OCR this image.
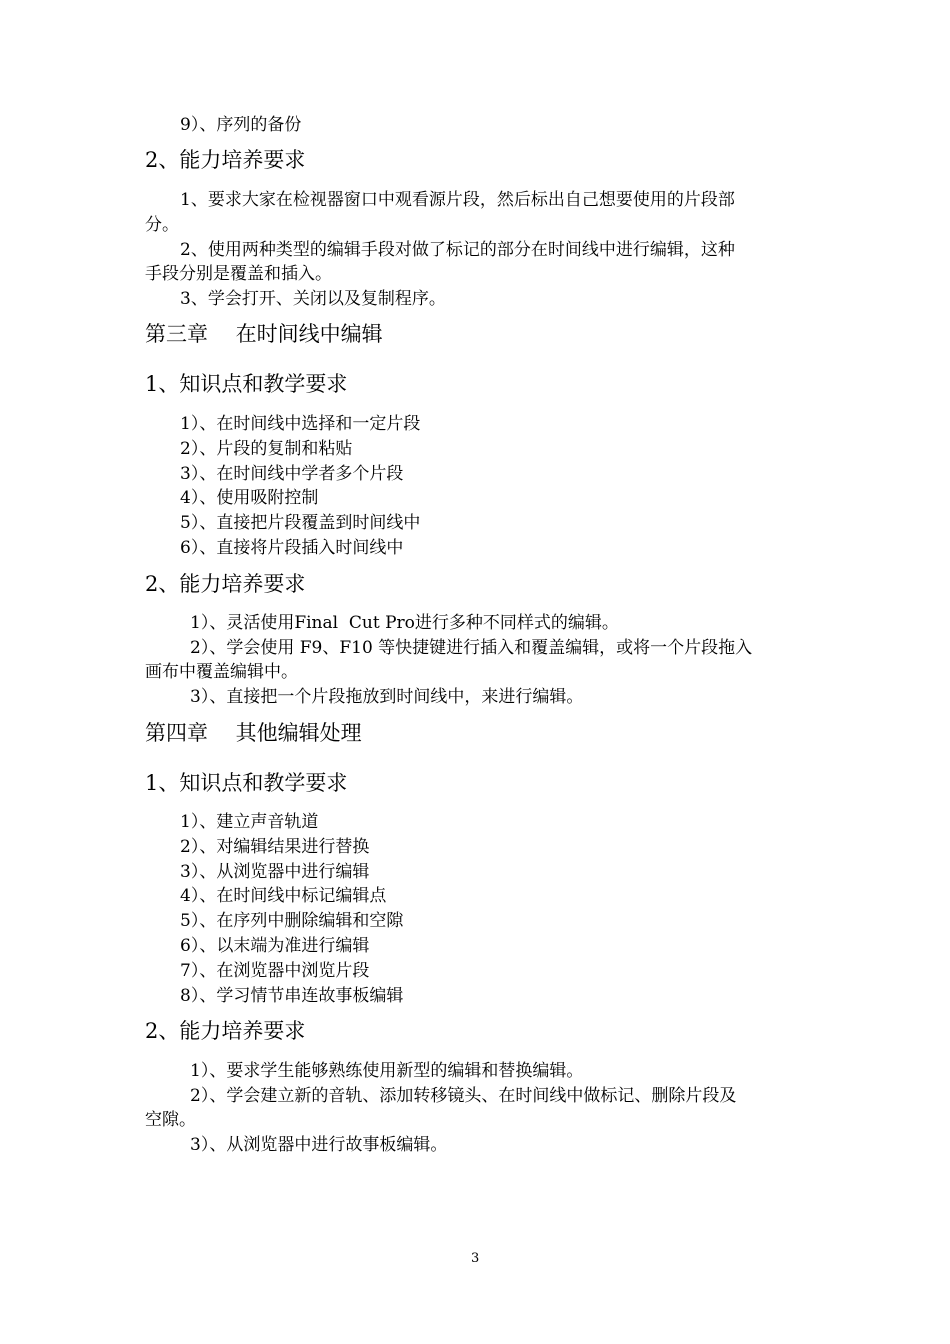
9）、序列的备份
2、能力培养要求
1、要求大家在检视器窗口中观看源片段，然后标出自己想要使用的片段部
分。
2、使用两种类型的编辑手段对做了标记的部分在时间线中进行编辑，这种
手段分别是覆盖和插入。
3、学会打开、关闭以及复制程序。
第三章　 在时间线中编辑
1、知识点和教学要求
1）、在时间线中选择和一定片段
2）、片段的复制和粘贴
3）、在时间线中学者多个片段
4）、使用吸附控制
5）、直接把片段覆盖到时间线中
6）、直接将片段插入时间线中
2、能力培养要求
1）、灵活使用Final  Cut Pro进行多种不同样式的编辑。
2）、学会使用 F9、F10 等快捷键进行插入和覆盖编辑，或将一个片段拖入
画布中覆盖编辑中。
3）、直接把一个片段拖放到时间线中，来进行编辑。
第四章　 其他编辑处理
1、知识点和教学要求
1）、建立声音轨道
2）、对编辑结果进行替换
3）、从浏览器中进行编辑
4）、在时间线中标记编辑点
5）、在序列中删除编辑和空隙
6）、以末端为准进行编辑
7）、在浏览器中浏览片段
8）、学习情节串连故事板编辑
2、能力培养要求
1）、要求学生能够熟练使用新型的编辑和替换编辑。
2）、学会建立新的音轨、添加转移镜头、在时间线中做标记、删除片段及
空隙。
3）、从浏览器中进行故事板编辑。
3
